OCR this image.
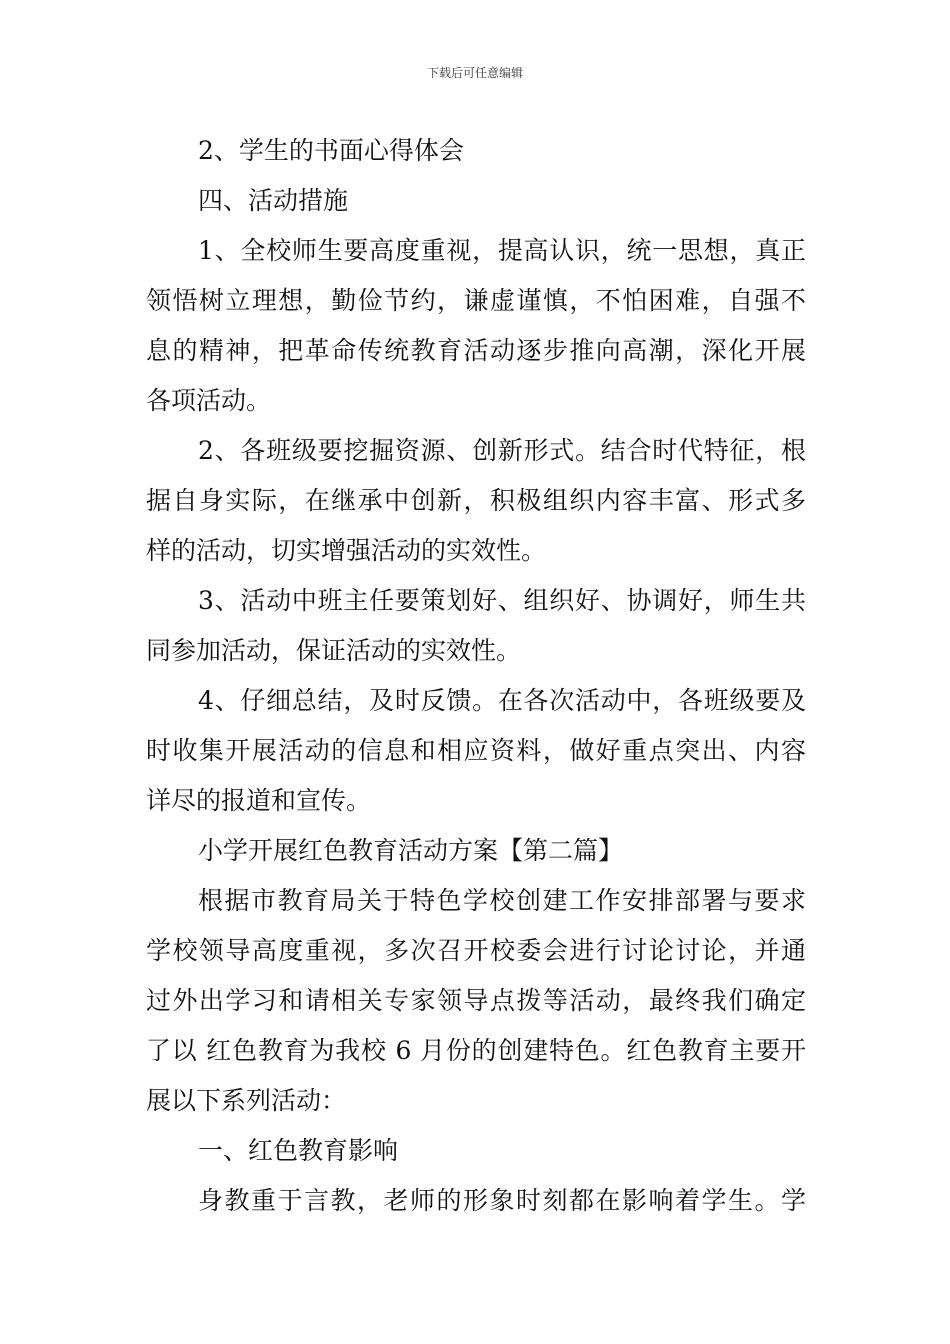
下载后可任意编辑
2、学生的书面心得体会
四、活动措施
1、全校师生要高度重视，提高认识，统一思想，真正
领悟树立理想，勤俭节约，谦虚谨慎，不怕困难，自强不
息的精神，把革命传统教育活动逐步推向高潮，深化开展
各项活动。
2、各班级要挖掘资源、创新形式。结合时代特征，根
据自身实际，在继承中创新，积极组织内容丰富、形式多
样的活动，切实增强活动的实效性。
3、活动中班主任要策划好、组织好、协调好，师生共
同参加活动，保证活动的实效性。
4、仔细总结，及时反馈。在各次活动中，各班级要及
时收集开展活动的信息和相应资料，做好重点突出、内容
详尽的报道和宣传。
小学开展红色教育活动方案【第二篇】
根据市教育局关于特色学校创建工作安排部署与要求
学校领导高度重视，多次召开校委会进行讨论讨论，并通
过外出学习和请相关专家领导点拨等活动，最终我们确定
了以 红色教育为我校 6 月份的创建特色。红色教育主要开
展以下系列活动：
一、红色教育影响
身教重于言教，老师的形象时刻都在影响着学生。学
